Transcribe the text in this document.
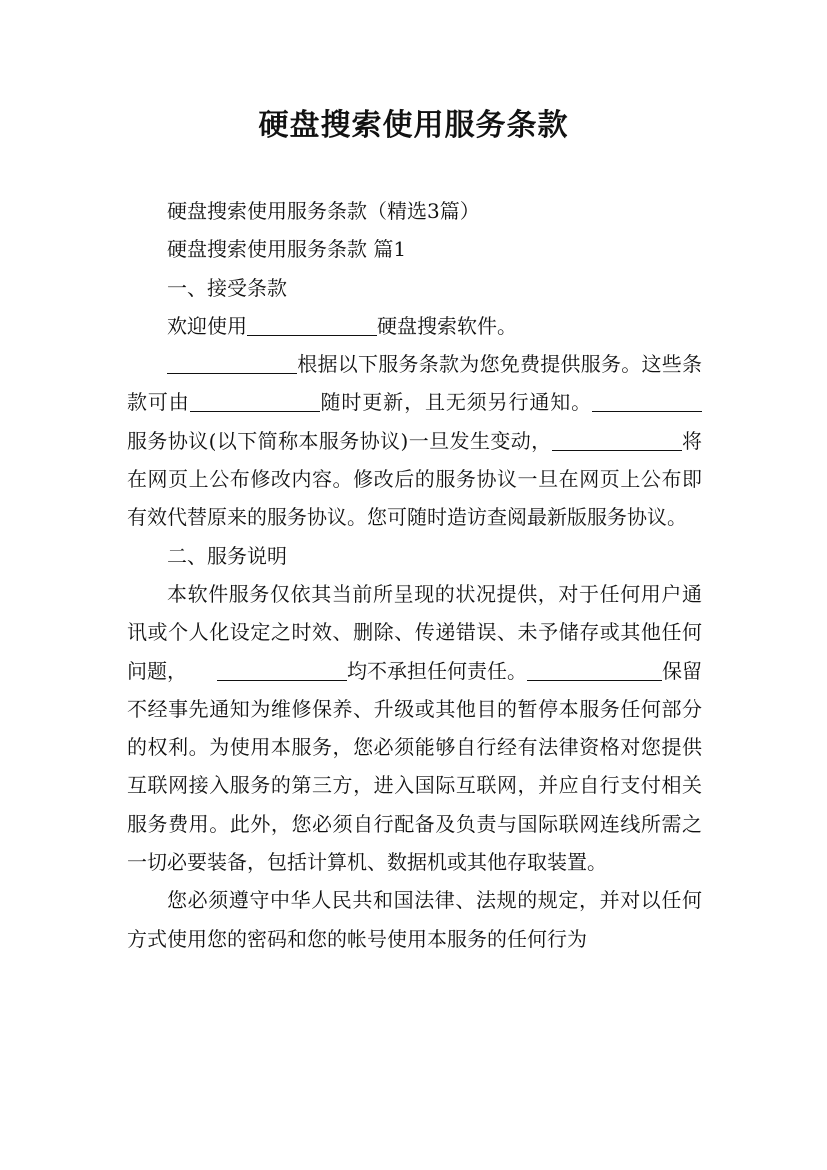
硬盘搜索使用服务条款

硬盘搜索使用服务条款（精选3篇）

硬盘搜索使用服务条款 篇1

一、接受条款

欢迎使用	硬盘搜索软件。

根据以下服务条款为您免费提供服务。这些条款可由	随时更新，且无须另行通知。服务协议(以下简称本服务协议)一旦发生变动，	将在网页上公布修改内容。修改后的服务协议一旦在网页上公布即有效代替原来的服务协议。您可随时造访查阅最新版服务协议。

二、服务说明

本软件服务仅依其当前所呈现的状况提供，对于任何用户通讯或个人化设定之时效、删除、传递错误、未予储存或其他任何问题，	均不承担任何责任。	保留不经事先通知为维修保养、升级或其他目的暂停本服务任何部分的权利。为使用本服务，您必须能够自行经有法律资格对您提供互联网接入服务的第三方，进入国际互联网，并应自行支付相关服务费用。此外，您必须自行配备及负责与国际联网连线所需之一切必要装备，包括计算机、数据机或其他存取装置。

您必须遵守中华人民共和国法律、法规的规定，并对以任何方式使用您的密码和您的帐号使用本服务的任何行为
